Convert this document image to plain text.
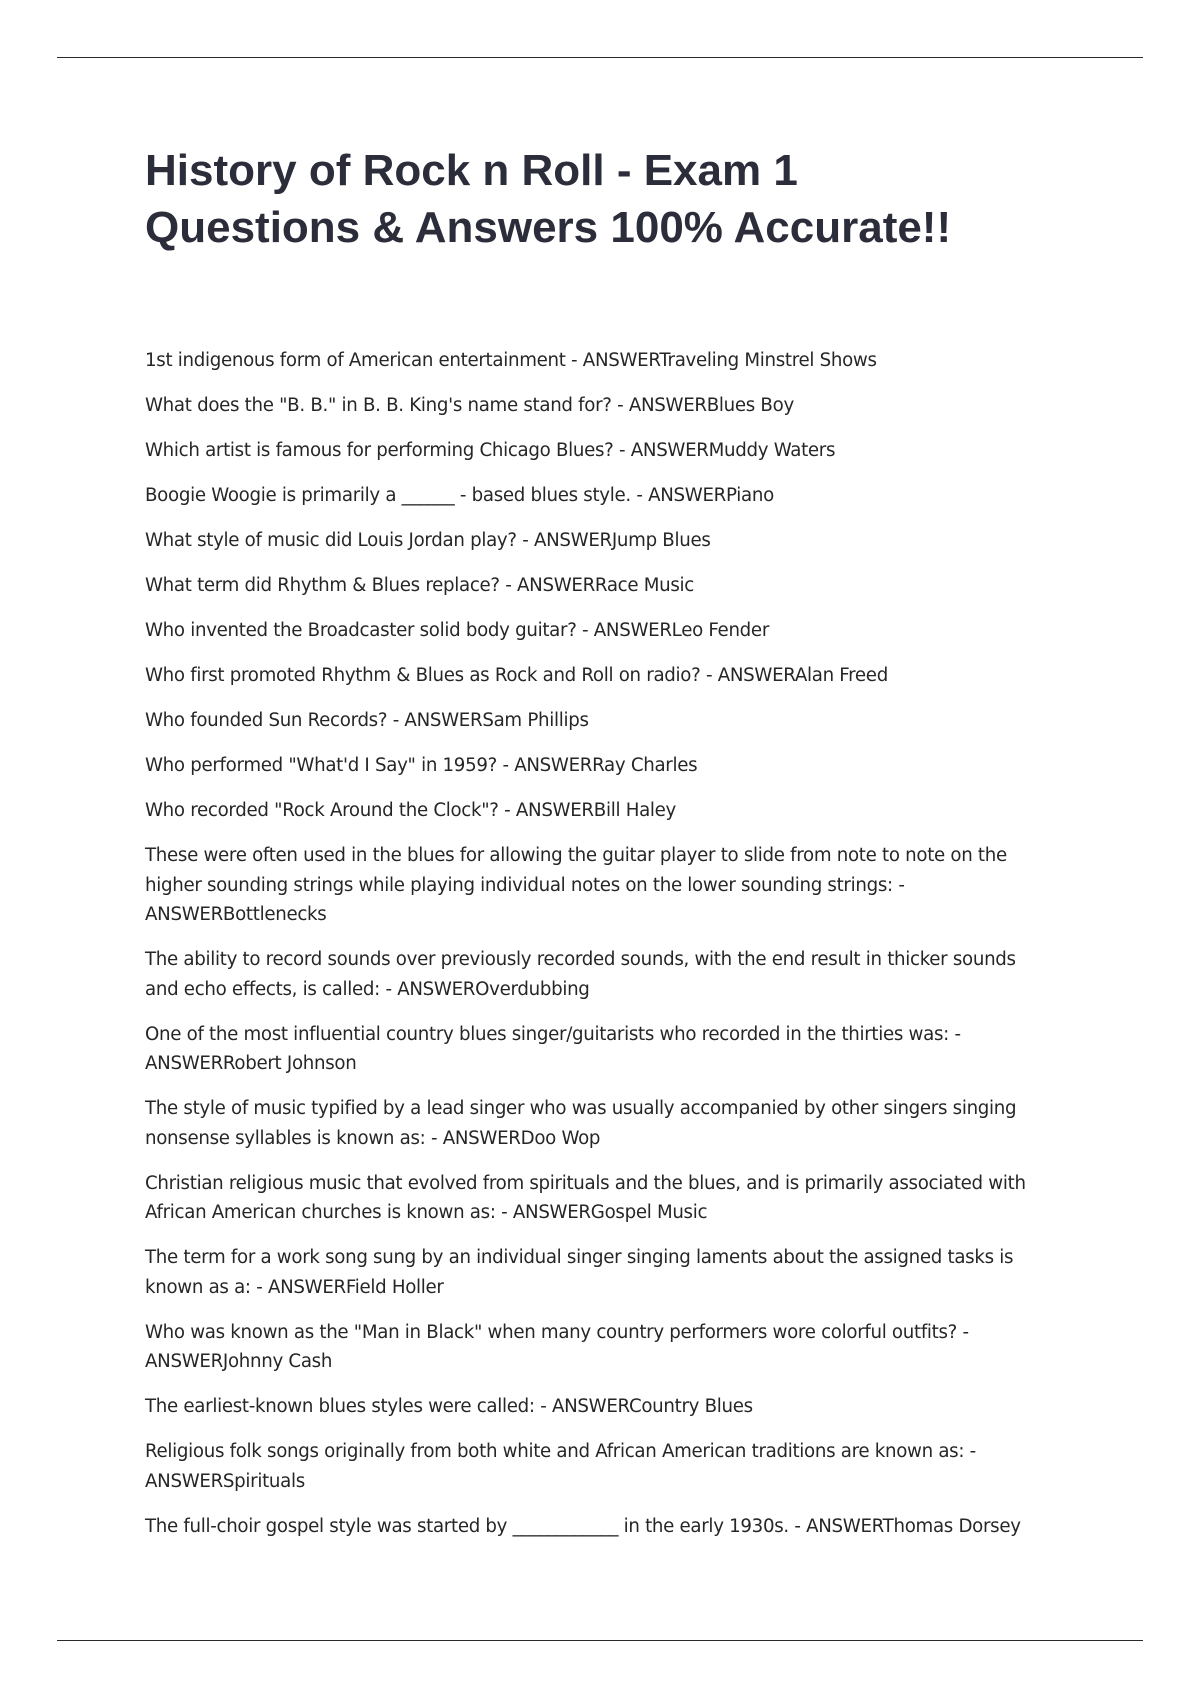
History of Rock n Roll - Exam 1
Questions & Answers 100% Accurate!!
1st indigenous form of American entertainment - ANSWERTraveling Minstrel Shows
What does the "B. B." in B. B. King's name stand for? - ANSWERBlues Boy
Which artist is famous for performing Chicago Blues? - ANSWERMuddy Waters
Boogie Woogie is primarily a ______ - based blues style. - ANSWERPiano
What style of music did Louis Jordan play? - ANSWERJump Blues
What term did Rhythm & Blues replace? - ANSWERRace Music
Who invented the Broadcaster solid body guitar? - ANSWERLeo Fender
Who first promoted Rhythm & Blues as Rock and Roll on radio? - ANSWERAlan Freed
Who founded Sun Records? - ANSWERSam Phillips
Who performed "What'd I Say" in 1959? - ANSWERRay Charles
Who recorded "Rock Around the Clock"? - ANSWERBill Haley
These were often used in the blues for allowing the guitar player to slide from note to note on the higher sounding strings while playing individual notes on the lower sounding strings: - ANSWERBottlenecks
The ability to record sounds over previously recorded sounds, with the end result in thicker sounds and echo effects, is called: - ANSWEROverdubbing
One of the most influential country blues singer/guitarists who recorded in the thirties was: - ANSWERRobert Johnson
The style of music typified by a lead singer who was usually accompanied by other singers singing nonsense syllables is known as: - ANSWERDoo Wop
Christian religious music that evolved from spirituals and the blues, and is primarily associated with African American churches is known as: - ANSWERGospel Music
The term for a work song sung by an individual singer singing laments about the assigned tasks is known as a: - ANSWERField Holler
Who was known as the "Man in Black" when many country performers wore colorful outfits? - ANSWERJohnny Cash
The earliest-known blues styles were called: - ANSWERCountry Blues
Religious folk songs originally from both white and African American traditions are known as: - ANSWERSpirituals
The full-choir gospel style was started by ____________ in the early 1930s. - ANSWERThomas Dorsey
